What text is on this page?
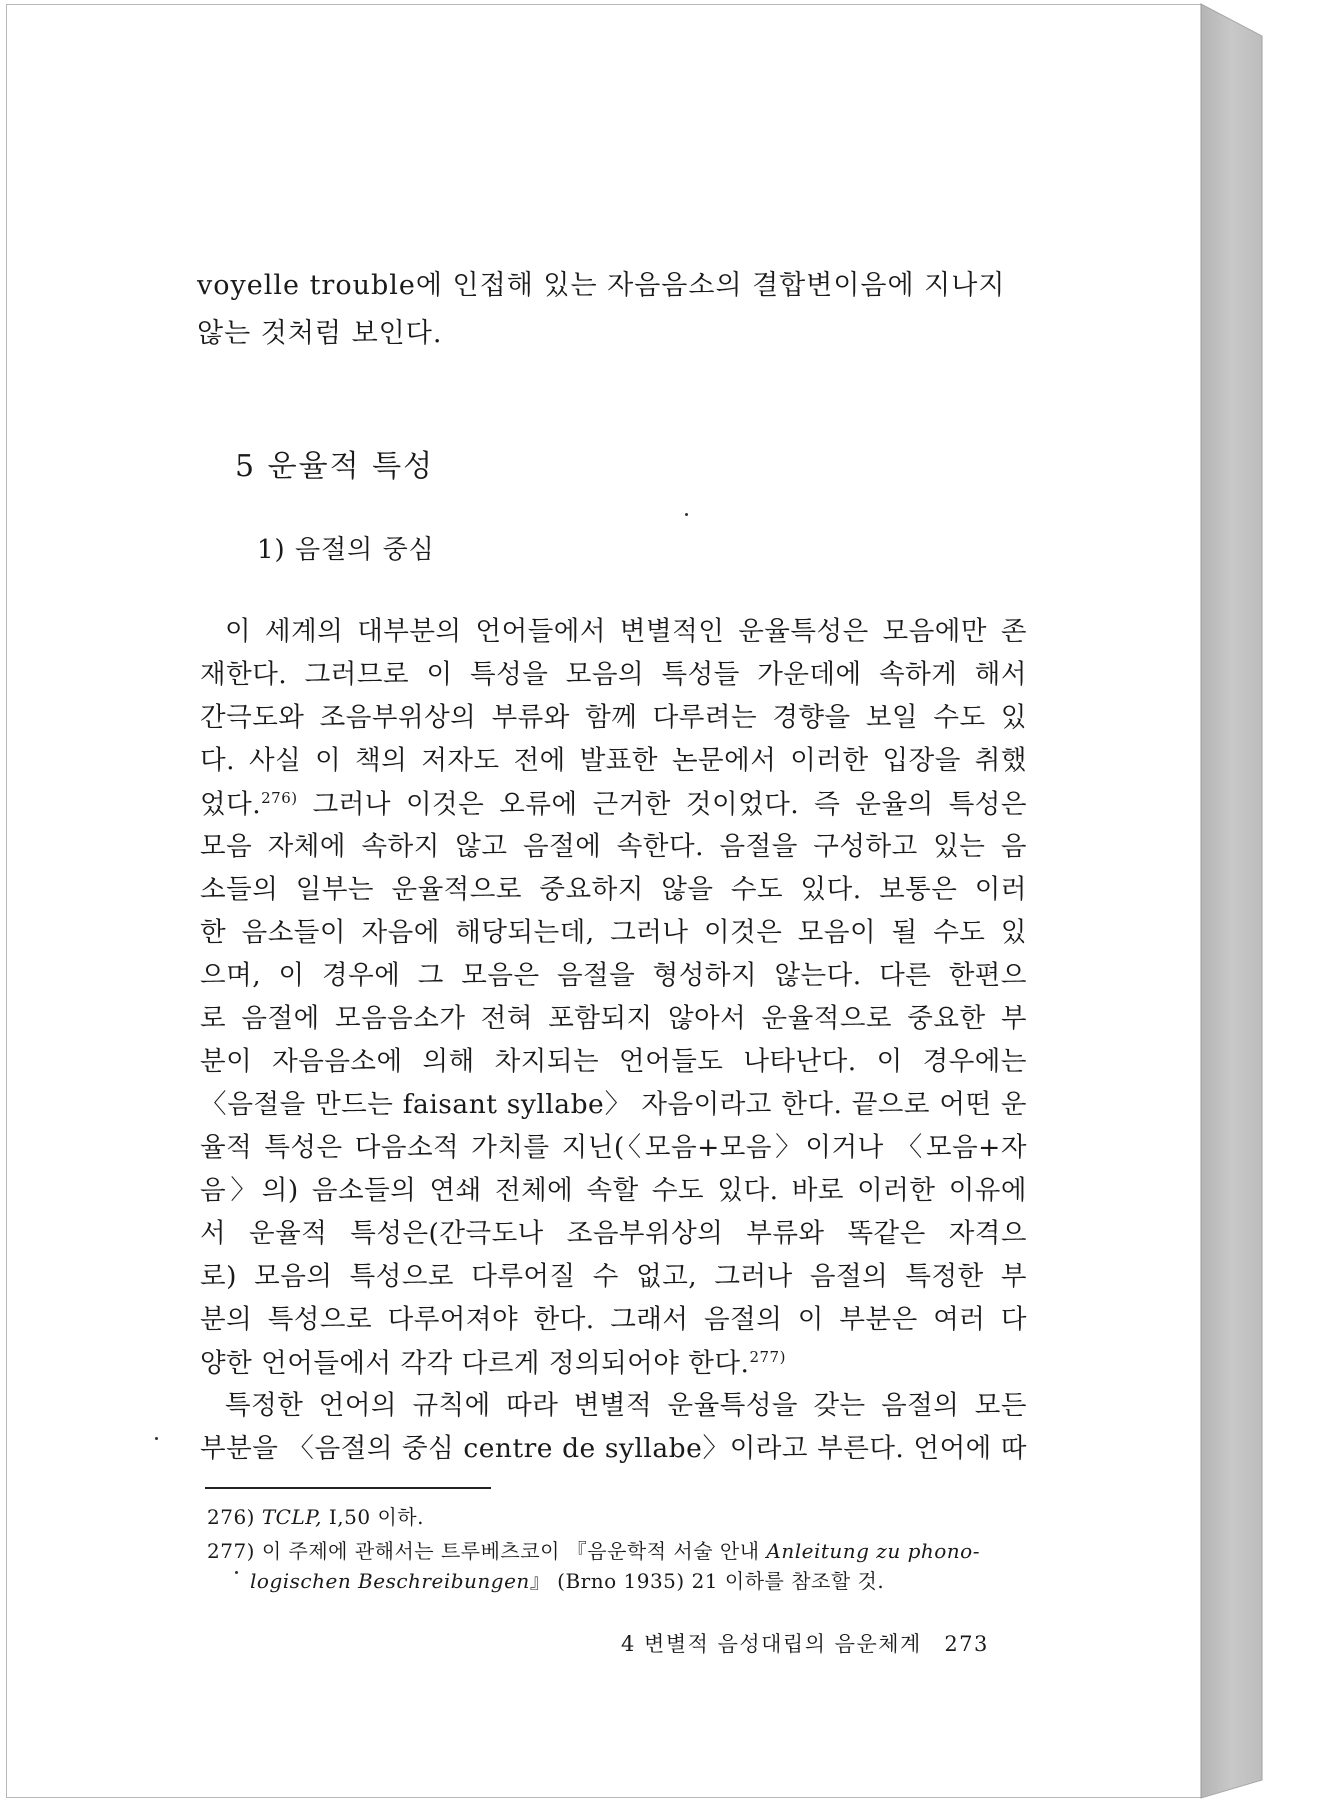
voyelle trouble에 인접해 있는 자음음소의 결합변이음에 지나지
않는 것처럼 보인다.
5 운율적 특성
1) 음절의 중심
이 세계의 대부분의 언어들에서 변별적인 운율특성은 모음에만 존
재한다. 그러므로 이 특성을 모음의 특성들 가운데에 속하게 해서
간극도와 조음부위상의 부류와 함께 다루려는 경향을 보일 수도 있
다. 사실 이 책의 저자도 전에 발표한 논문에서 이러한 입장을 취했
었다.$^{276)}$ 그러나 이것은 오류에 근거한 것이었다. 즉 운율의 특성은
모음 자체에 속하지 않고 음절에 속한다. 음절을 구성하고 있는 음
소들의 일부는 운율적으로 중요하지 않을 수도 있다. 보통은 이러
한 음소들이 자음에 해당되는데, 그러나 이것은 모음이 될 수도 있
으며, 이 경우에 그 모음은 음절을 형성하지 않는다. 다른 한편으
로 음절에 모음음소가 전혀 포함되지 않아서 운율적으로 중요한 부
분이 자음음소에 의해 차지되는 언어들도 나타난다. 이 경우에는
〈음절을 만드는 faisant syllabe〉 자음이라고 한다. 끝으로 어떤 운
율적 특성은 다음소적 가치를 지닌(〈모음+모음〉이거나 〈모음+자
음〉의) 음소들의 연쇄 전체에 속할 수도 있다. 바로 이러한 이유에
서 운율적 특성은(간극도나 조음부위상의 부류와 똑같은 자격으
로) 모음의 특성으로 다루어질 수 없고, 그러나 음절의 특정한 부
분의 특성으로 다루어져야 한다. 그래서 음절의 이 부분은 여러 다
양한 언어들에서 각각 다르게 정의되어야 한다.$^{277)}$
특정한 언어의 규칙에 따라 변별적 운율특성을 갖는 음절의 모든
부분을 〈음절의 중심 centre de syllabe〉이라고 부른다. 언어에 따
276) TCLP, Ⅰ,50 이하.
277) 이 주제에 관해서는 트루베츠코이 『음운학적 서술 안내 Anleitung zu phono-
logischen Beschreibungen』 (Brno 1935) 21 이하를 참조할 것.
4 변별적 음성대립의 음운체계　273
